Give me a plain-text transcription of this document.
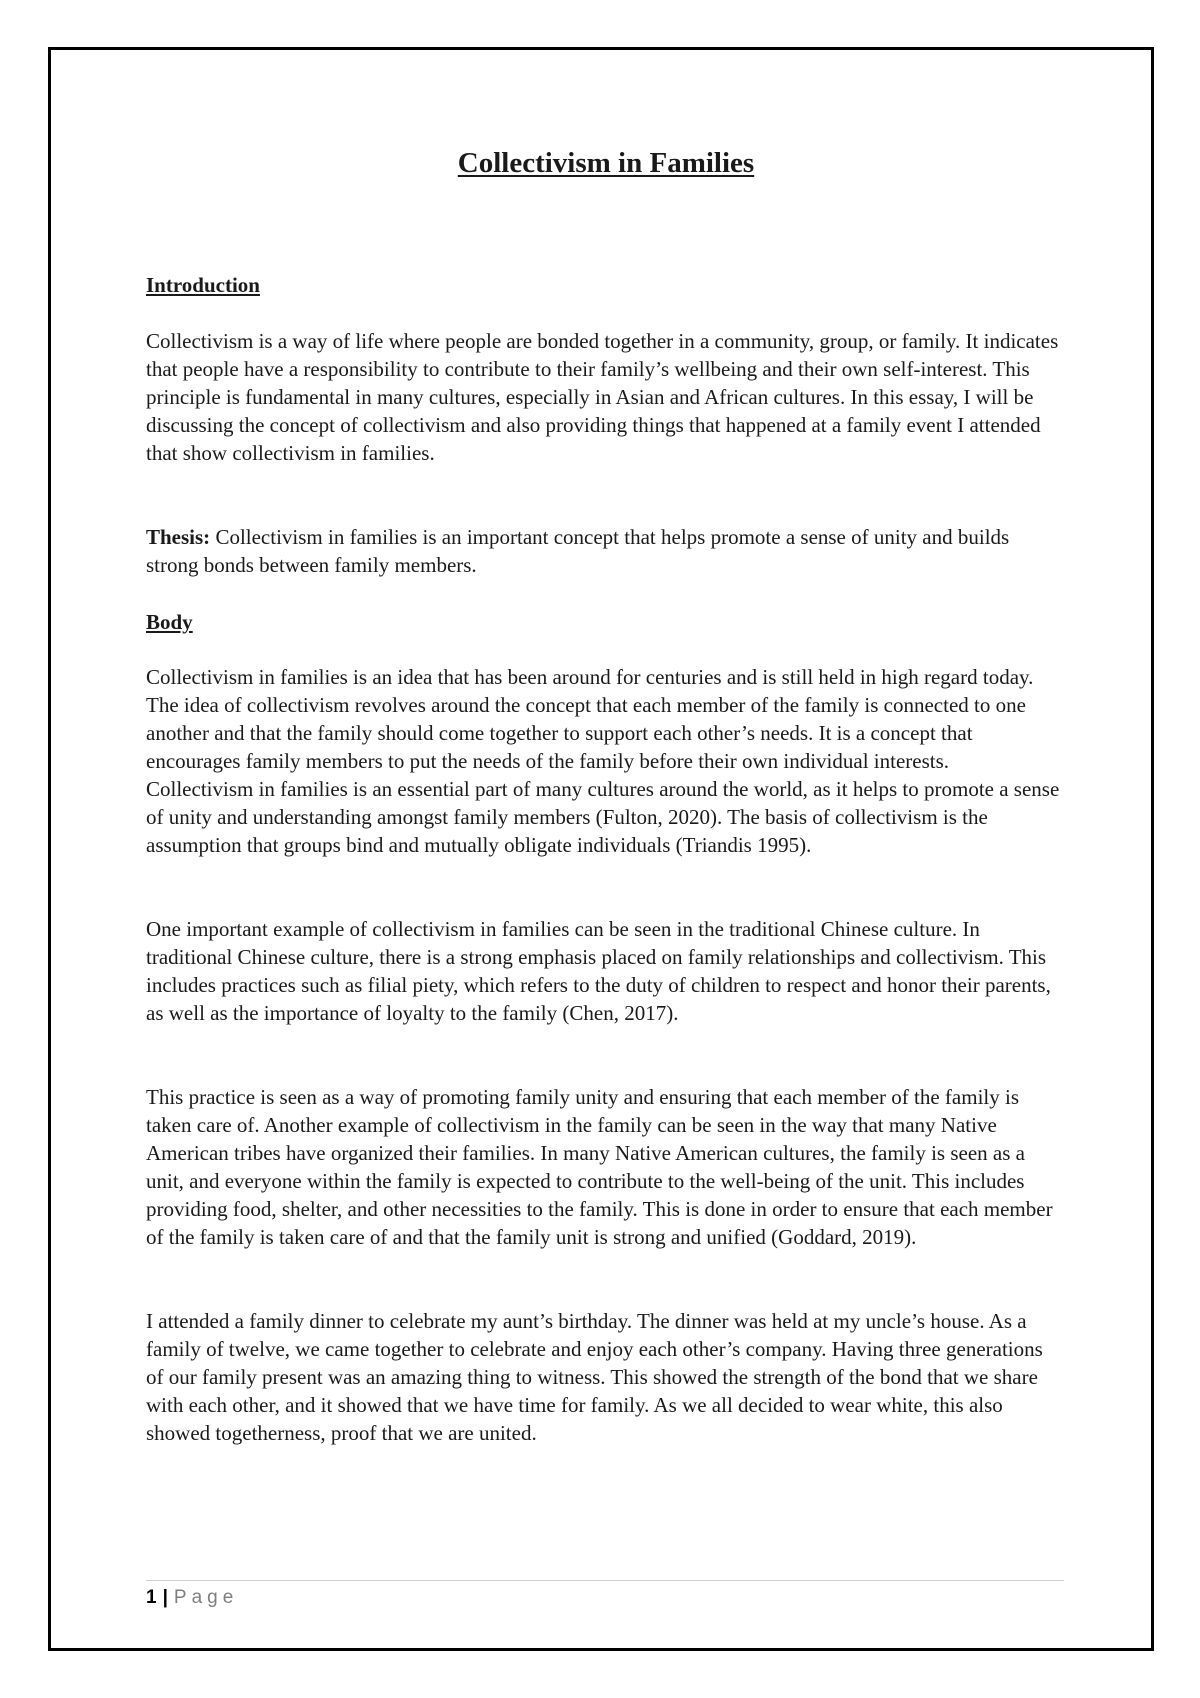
Collectivism in Families
Introduction

Collectivism is a way of life where people are bonded together in a community, group, or family. It indicates that people have a responsibility to contribute to their family’s wellbeing and their own self-interest. This principle is fundamental in many cultures, especially in Asian and African cultures. In this essay, I will be discussing the concept of collectivism and also providing things that happened at a family event I attended that show collectivism in families.

Thesis: Collectivism in families is an important concept that helps promote a sense of unity and builds strong bonds between family members.

Body

Collectivism in families is an idea that has been around for centuries and is still held in high regard today. The idea of collectivism revolves around the concept that each member of the family is connected to one another and that the family should come together to support each other’s needs. It is a concept that encourages family members to put the needs of the family before their own individual interests. Collectivism in families is an essential part of many cultures around the world, as it helps to promote a sense of unity and understanding amongst family members (Fulton, 2020). The basis of collectivism is the assumption that groups bind and mutually obligate individuals (Triandis 1995).

One important example of collectivism in families can be seen in the traditional Chinese culture. In traditional Chinese culture, there is a strong emphasis placed on family relationships and collectivism. This includes practices such as filial piety, which refers to the duty of children to respect and honor their parents, as well as the importance of loyalty to the family (Chen, 2017).

This practice is seen as a way of promoting family unity and ensuring that each member of the family is taken care of. Another example of collectivism in the family can be seen in the way that many Native American tribes have organized their families. In many Native American cultures, the family is seen as a unit, and everyone within the family is expected to contribute to the well-being of the unit. This includes providing food, shelter, and other necessities to the family. This is done in order to ensure that each member of the family is taken care of and that the family unit is strong and unified (Goddard, 2019).

I attended a family dinner to celebrate my aunt’s birthday. The dinner was held at my uncle’s house. As a family of twelve, we came together to celebrate and enjoy each other’s company. Having three generations of our family present was an amazing thing to witness. This showed the strength of the bond that we share with each other, and it showed that we have time for family. As we all decided to wear white, this also showed togetherness, proof that we are united.

1 | Page
